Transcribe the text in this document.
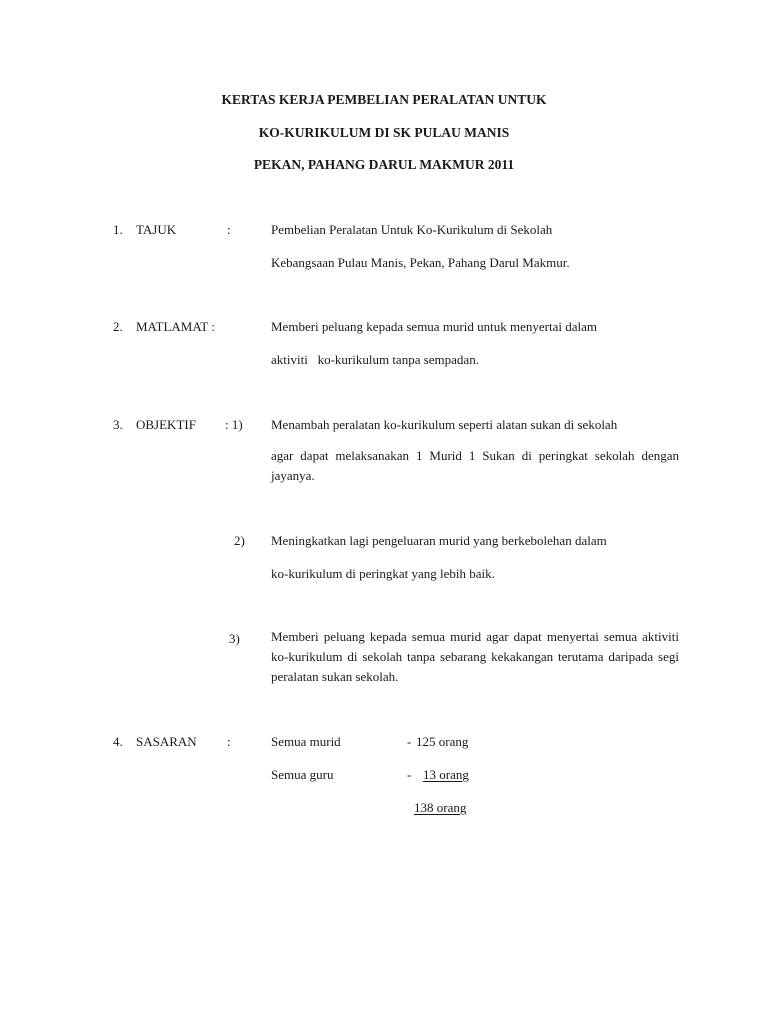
KERTAS KERJA PEMBELIAN PERALATAN UNTUK
KO-KURIKULUM DI SK PULAU MANIS
PEKAN, PAHANG DARUL MAKMUR 2011
1. TAJUK	:	Pembelian Peralatan Untuk Ko-Kurikulum di Sekolah
Kebangsaan Pulau Manis, Pekan, Pahang Darul Makmur.
2. MATLAMAT :	Memberi peluang kepada semua murid untuk menyertai dalam
aktiviti   ko-kurikulum tanpa sempadan.
3. OBJEKTIF : 1) Menambah peralatan ko-kurikulum seperti alatan sukan di sekolah
agar dapat melaksanakan 1 Murid 1 Sukan di peringkat sekolah dengan jayanya.
2) Meningkatkan lagi pengeluaran murid yang berkebolehan dalam
ko-kurikulum di peringkat yang lebih baik.
3) Memberi peluang kepada semua murid agar dapat menyertai semua aktiviti ko-kurikulum di sekolah tanpa sebarang kekakangan terutama daripada segi peralatan sukan sekolah.
4. SASARAN :	Semua murid	- 125 orang
Semua guru	- 13 orang
138 orang
